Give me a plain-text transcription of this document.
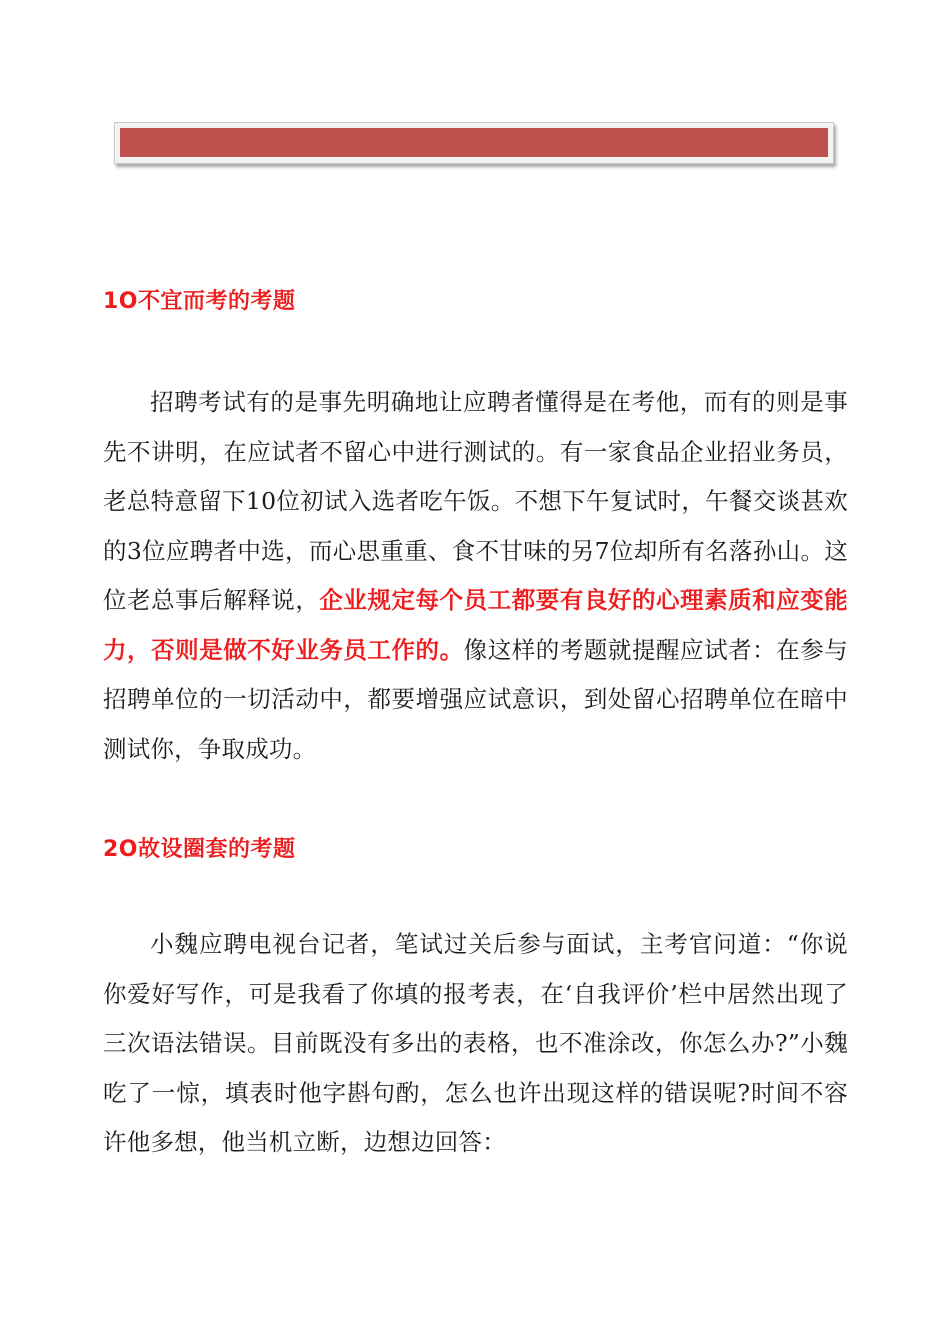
1O不宜而考的考题

招聘考试有的是事先明确地让应聘者懂得是在考他，而有的则是事先不讲明，在应试者不留心中进行测试的。有一家食品企业招业务员，老总特意留下10位初试入选者吃午饭。不想下午复试时，午餐交谈甚欢的3位应聘者中选，而心思重重、食不甘味的另7位却所有名落孙山。这位老总事后解释说，企业规定每个员工都要有良好的心理素质和应变能力，否则是做不好业务员工作的。像这样的考题就提醒应试者：在参与招聘单位的一切活动中，都要增强应试意识，到处留心招聘单位在暗中测试你，争取成功。

2O故设圈套的考题

小魏应聘电视台记者，笔试过关后参与面试，主考官问道：“你说你爱好写作，可是我看了你填的报考表，在‘自我评价’栏中居然出现了三次语法错误。目前既没有多出的表格，也不准涂改，你怎么办?”小魏吃了一惊，填表时他字斟句酌，怎么也许出现这样的错误呢?时间不容许他多想，他当机立断，边想边回答：
